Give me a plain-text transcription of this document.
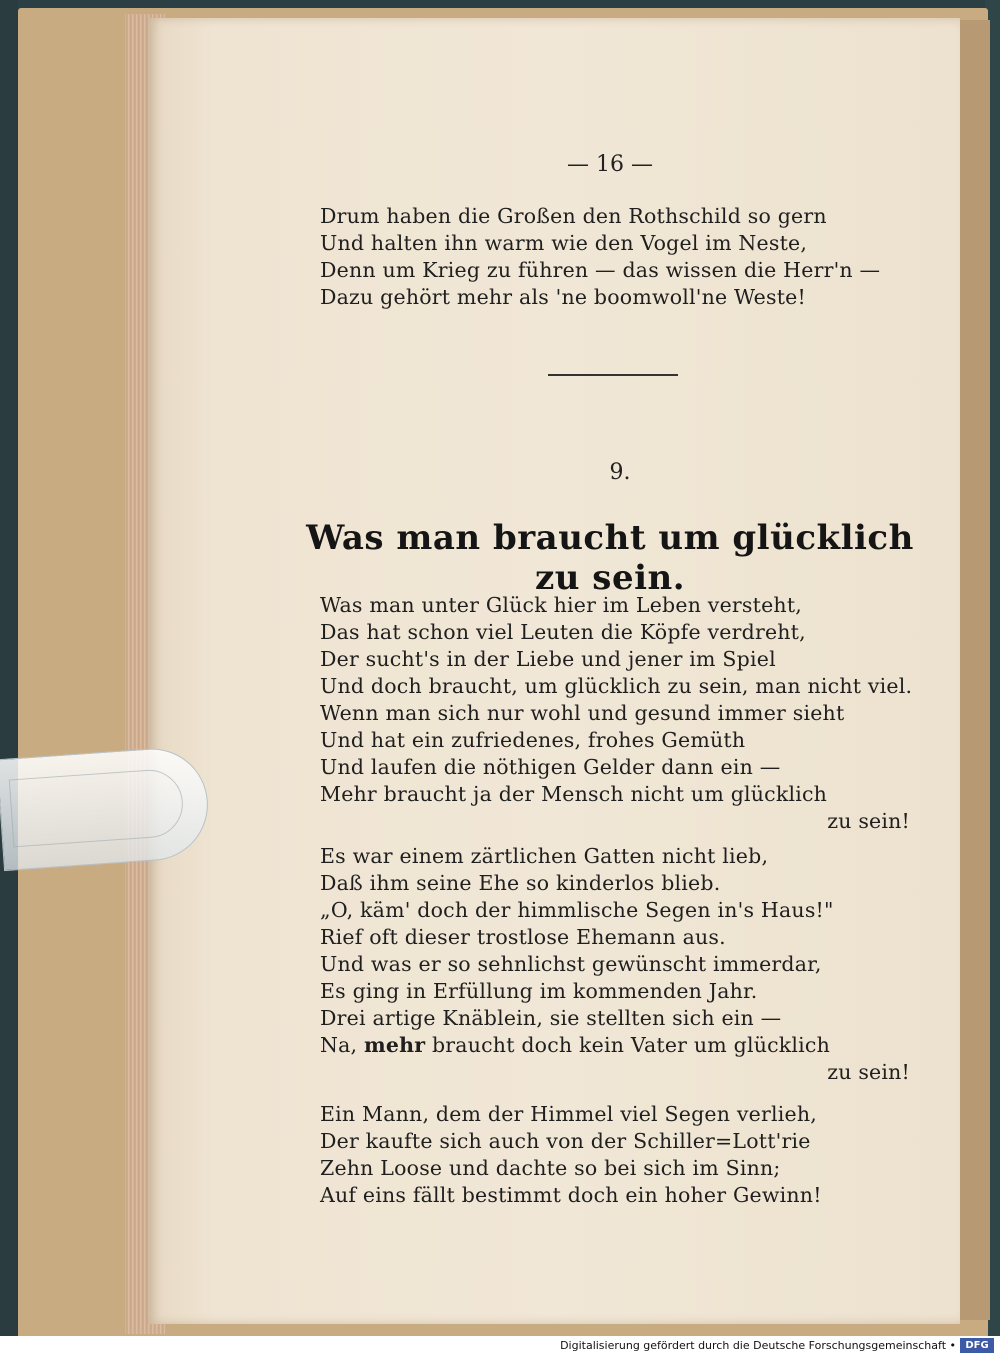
— 16 —
Drum haben die Großen den Rothschild so gern
Und halten ihn warm wie den Vogel im Neste,
Denn um Krieg zu führen — das wissen die Herr'n —
Dazu gehört mehr als 'ne boomwoll'ne Weste!
9.
Was man braucht um glücklich zu sein.
Was man unter Glück hier im Leben versteht,
Das hat schon viel Leuten die Köpfe verdreht,
Der sucht's in der Liebe und jener im Spiel
Und doch braucht, um glücklich zu sein, man nicht viel.
Wenn man sich nur wohl und gesund immer sieht
Und hat ein zufriedenes, frohes Gemüth
Und laufen die nöthigen Gelder dann ein —
Mehr braucht ja der Mensch nicht um glücklich
zu sein!
Es war einem zärtlichen Gatten nicht lieb,
Daß ihm seine Ehe so kinderlos blieb.
„O, käm' doch der himmlische Segen in's Haus!"
Rief oft dieser trostlose Ehemann aus.
Und was er so sehnlichst gewünscht immerdar,
Es ging in Erfüllung im kommenden Jahr.
Drei artige Knäblein, sie stellten sich ein —
Na, mehr braucht doch kein Vater um glücklich
zu sein!
Ein Mann, dem der Himmel viel Segen verlieh,
Der kaufte sich auch von der Schiller=Lott'rie
Zehn Loose und dachte so bei sich im Sinn;
Auf eins fällt bestimmt doch ein hoher Gewinn!
Digitalisierung gefördert durch die Deutsche Forschungsgemeinschaft • DFG
